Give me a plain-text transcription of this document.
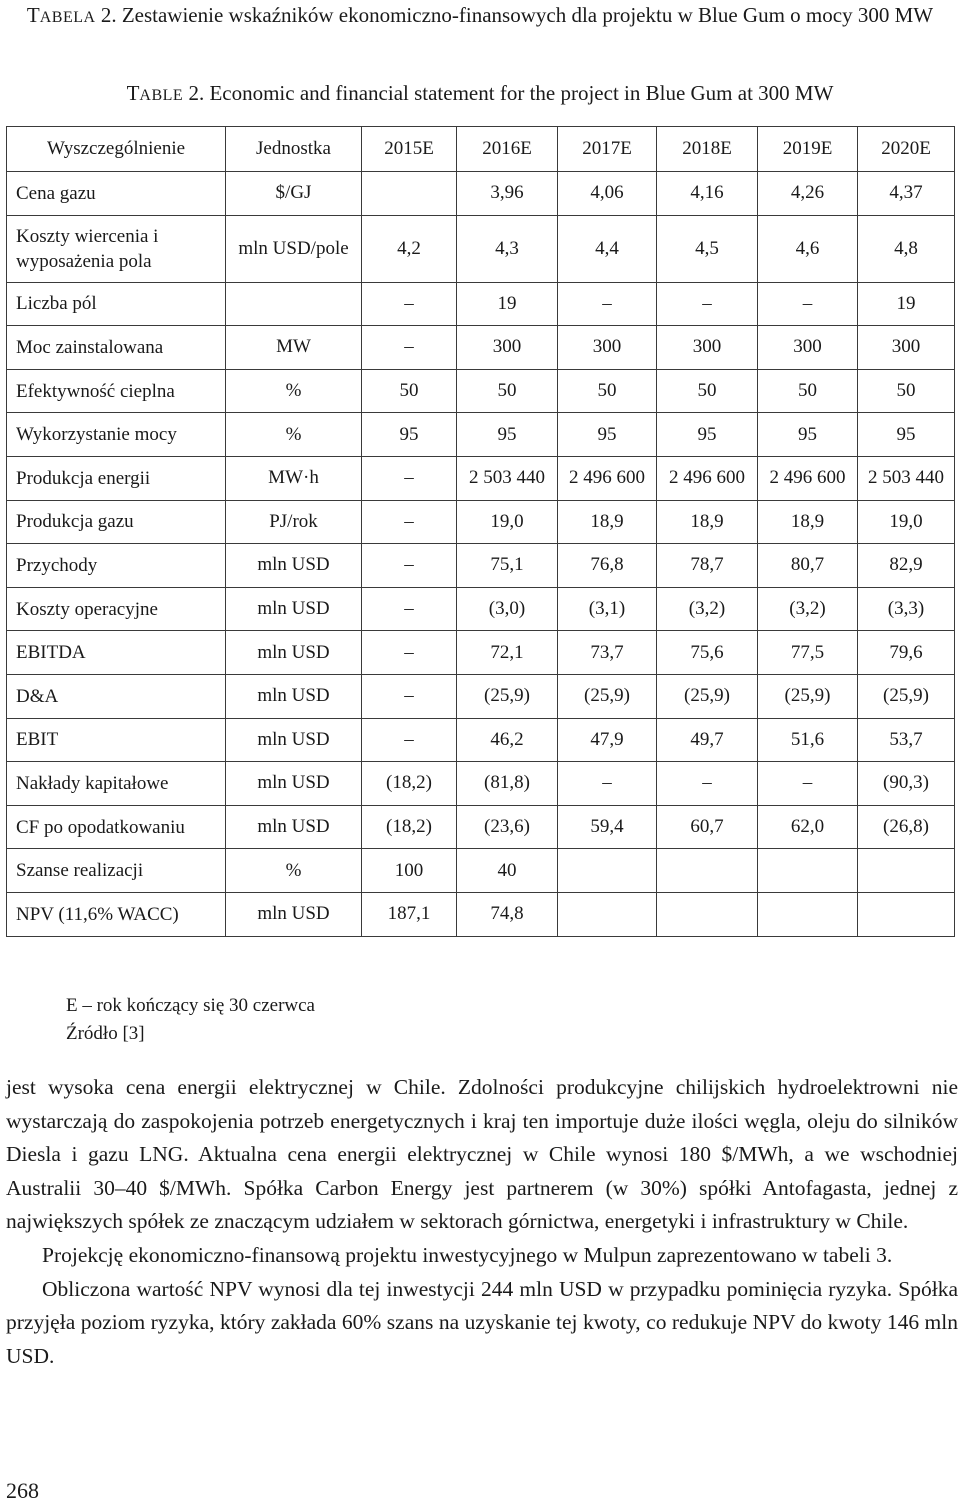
TABELA 2. Zestawienie wskaźników ekonomiczno-finansowych dla projektu w Blue Gum o mocy 300 MW
TABLE 2. Economic and financial statement for the project in Blue Gum at 300 MW
Wyszczególnienie	Jednostka	2015E	2016E	2017E	2018E	2019E	2020E
Cena gazu	$/GJ		3,96	4,06	4,16	4,26	4,37
Koszty wiercenia i wyposażenia pola	mln USD/pole	4,2	4,3	4,4	4,5	4,6	4,8
Liczba pól		–	19	–	–	–	19
Moc zainstalowana	MW	–	300	300	300	300	300
Efektywność cieplna	%	50	50	50	50	50	50
Wykorzystanie mocy	%	95	95	95	95	95	95
Produkcja energii	MW·h	–	2 503 440	2 496 600	2 496 600	2 496 600	2 503 440
Produkcja gazu	PJ/rok	–	19,0	18,9	18,9	18,9	19,0
Przychody	mln USD	–	75,1	76,8	78,7	80,7	82,9
Koszty operacyjne	mln USD	–	(3,0)	(3,1)	(3,2)	(3,2)	(3,3)
EBITDA	mln USD	–	72,1	73,7	75,6	77,5	79,6
D&A	mln USD	–	(25,9)	(25,9)	(25,9)	(25,9)	(25,9)
EBIT	mln USD	–	46,2	47,9	49,7	51,6	53,7
Nakłady kapitałowe	mln USD	(18,2)	(81,8)	–	–	–	(90,3)
CF po opodatkowaniu	mln USD	(18,2)	(23,6)	59,4	60,7	62,0	(26,8)
Szanse realizacji	%	100	40				
NPV (11,6% WACC)	mln USD	187,1	74,8				
E – rok kończący się 30 czerwca
Źródło [3]

jest wysoka cena energii elektrycznej w Chile. Zdolności produkcyjne chilijskich hydroelektrowni nie wystarczają do zaspokojenia potrzeb energetycznych i kraj ten importuje duże ilości węgla, oleju do silników Diesla i gazu LNG. Aktualna cena energii elektrycznej w Chile wynosi 180 $/MWh, a we wschodniej Australii 30–40 $/MWh. Spółka Carbon Energy jest partnerem (w 30%) spółki Antofagasta, jednej z największych spółek ze znaczącym udziałem w sektorach górnictwa, energetyki i infrastruktury w Chile.

Projekcję ekonomiczno-finansową projektu inwestycyjnego w Mulpun zaprezentowano w tabeli 3.

Obliczona wartość NPV wynosi dla tej inwestycji 244 mln USD w przypadku pominięcia ryzyka. Spółka przyjęła poziom ryzyka, który zakłada 60% szans na uzyskanie tej kwoty, co redukuje NPV do kwoty 146 mln USD.

268
